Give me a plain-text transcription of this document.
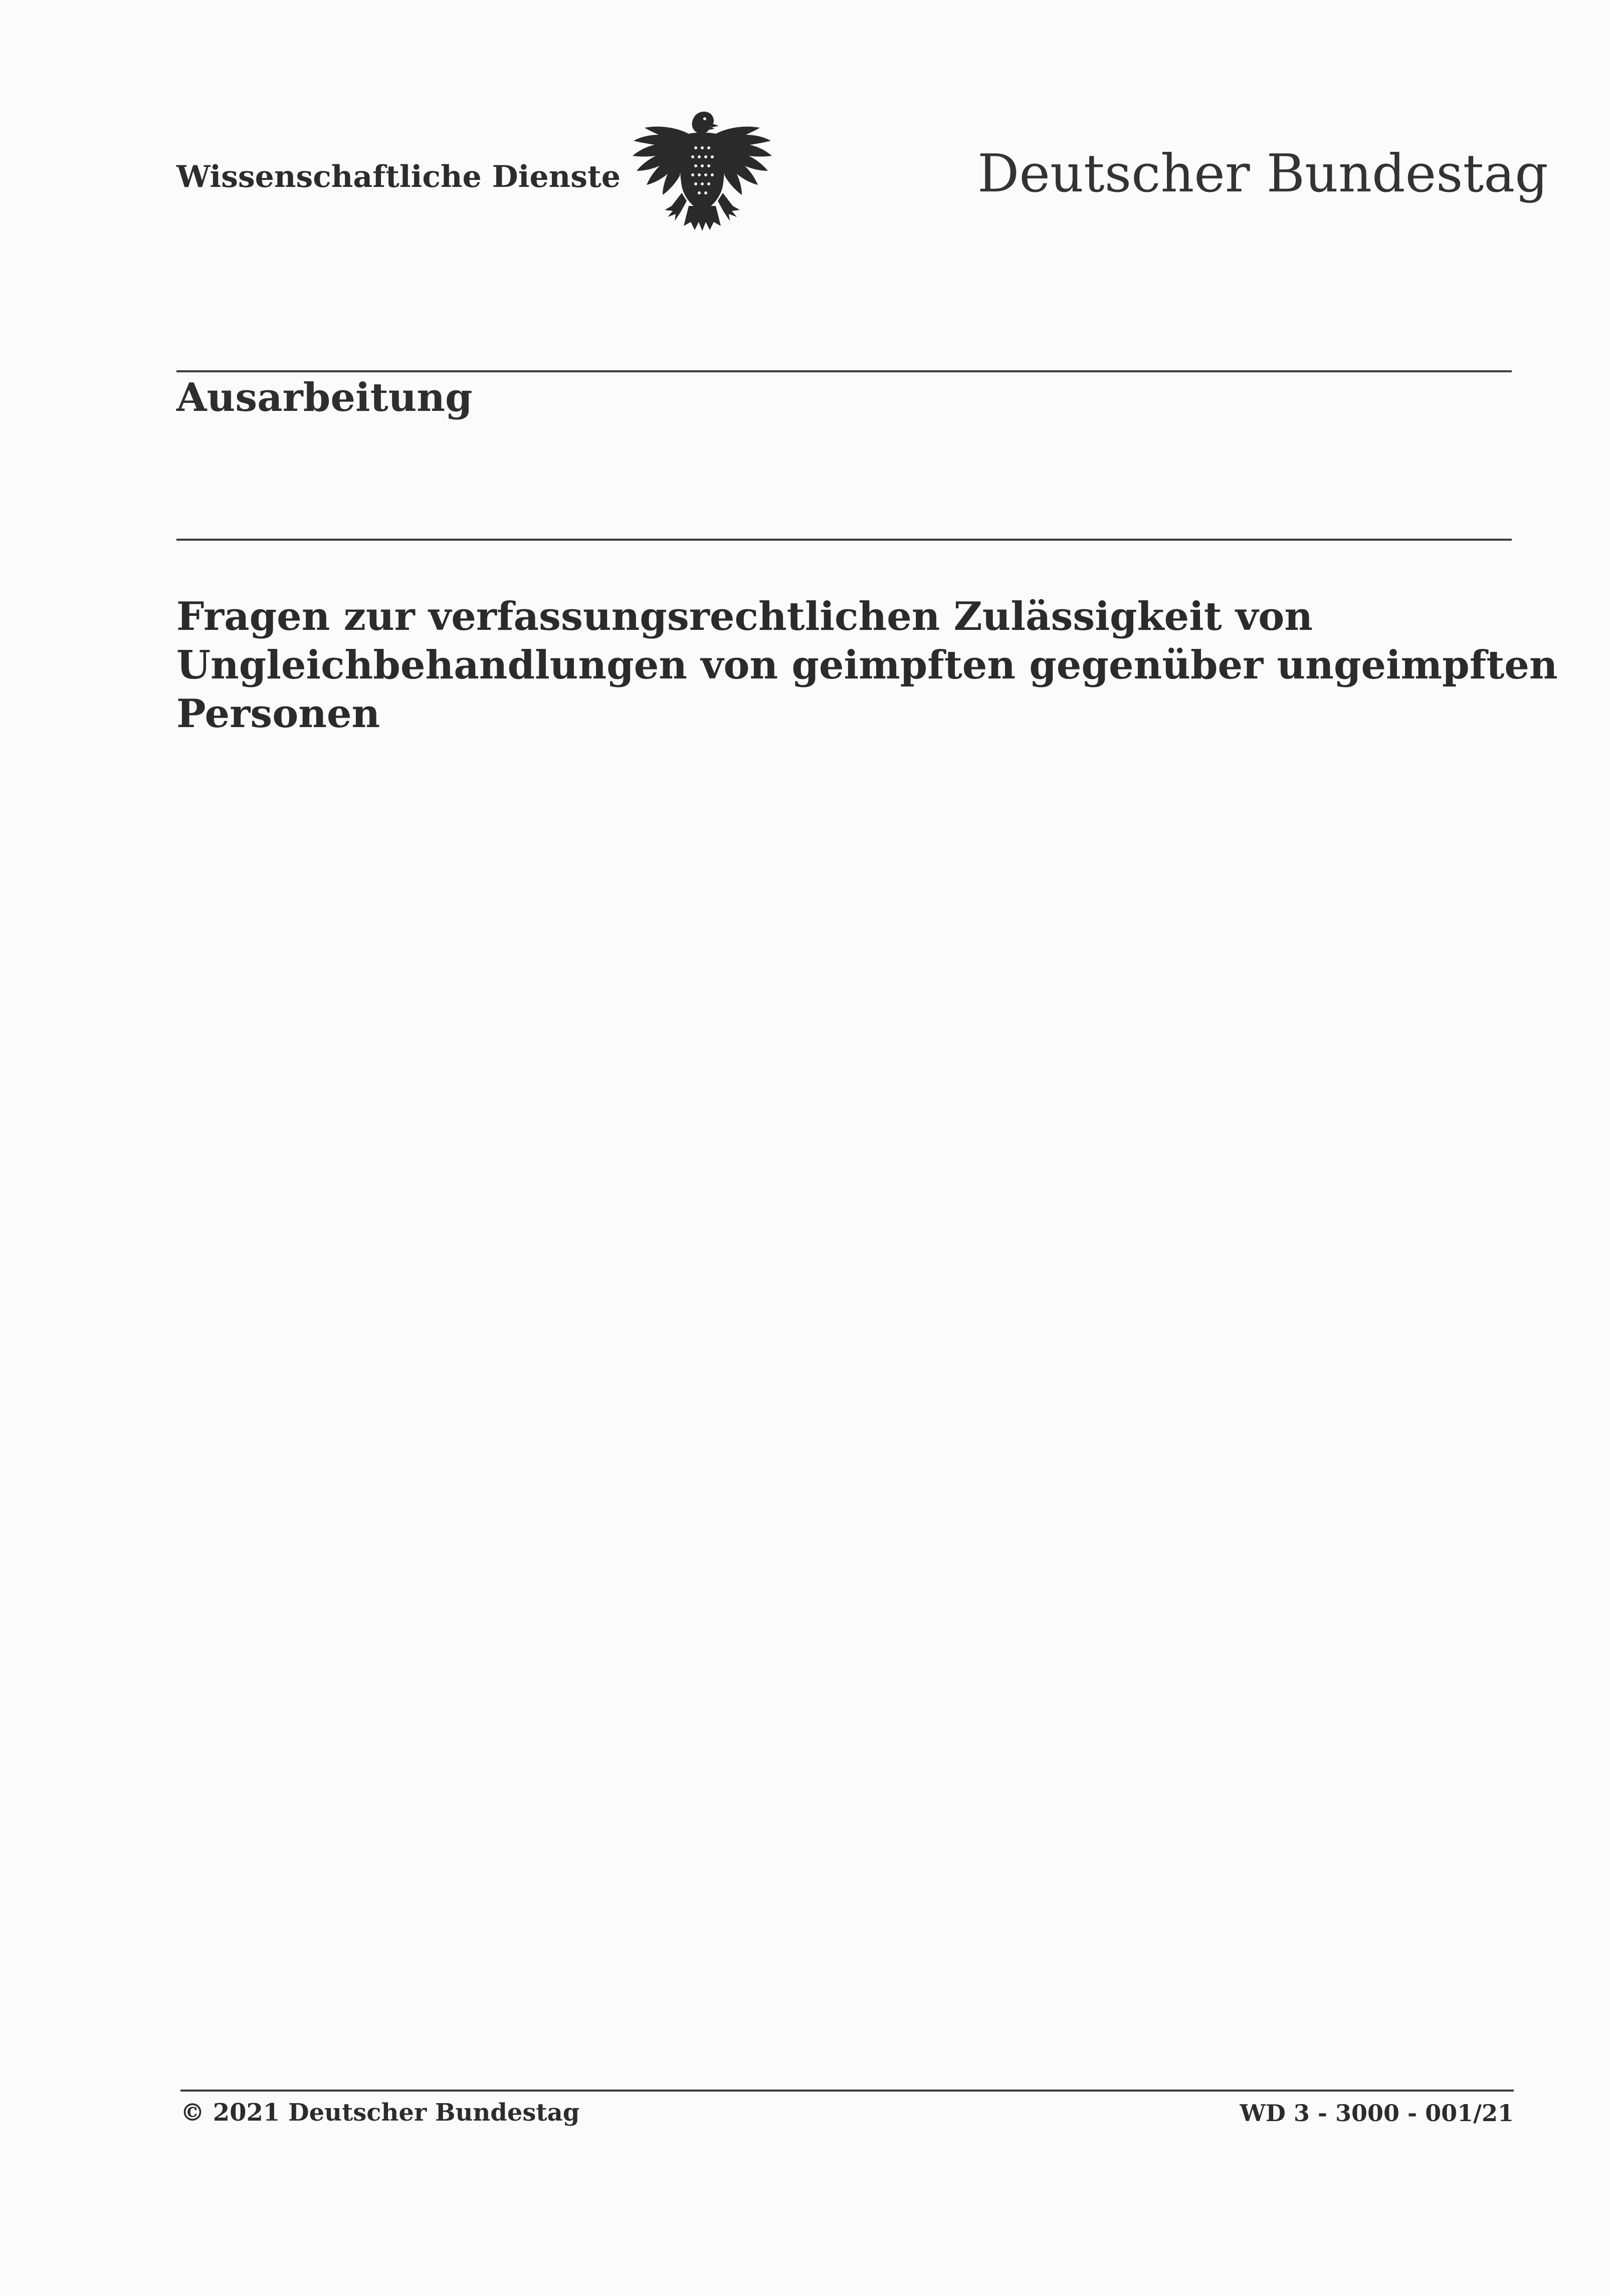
Wissenschaftliche Dienste	Deutscher Bundestag
Ausarbeitung
Fragen zur verfassungsrechtlichen Zulässigkeit von
Ungleichbehandlungen von geimpften gegenüber ungeimpften
Personen
© 2021 Deutscher Bundestag	WD 3 - 3000 - 001/21
